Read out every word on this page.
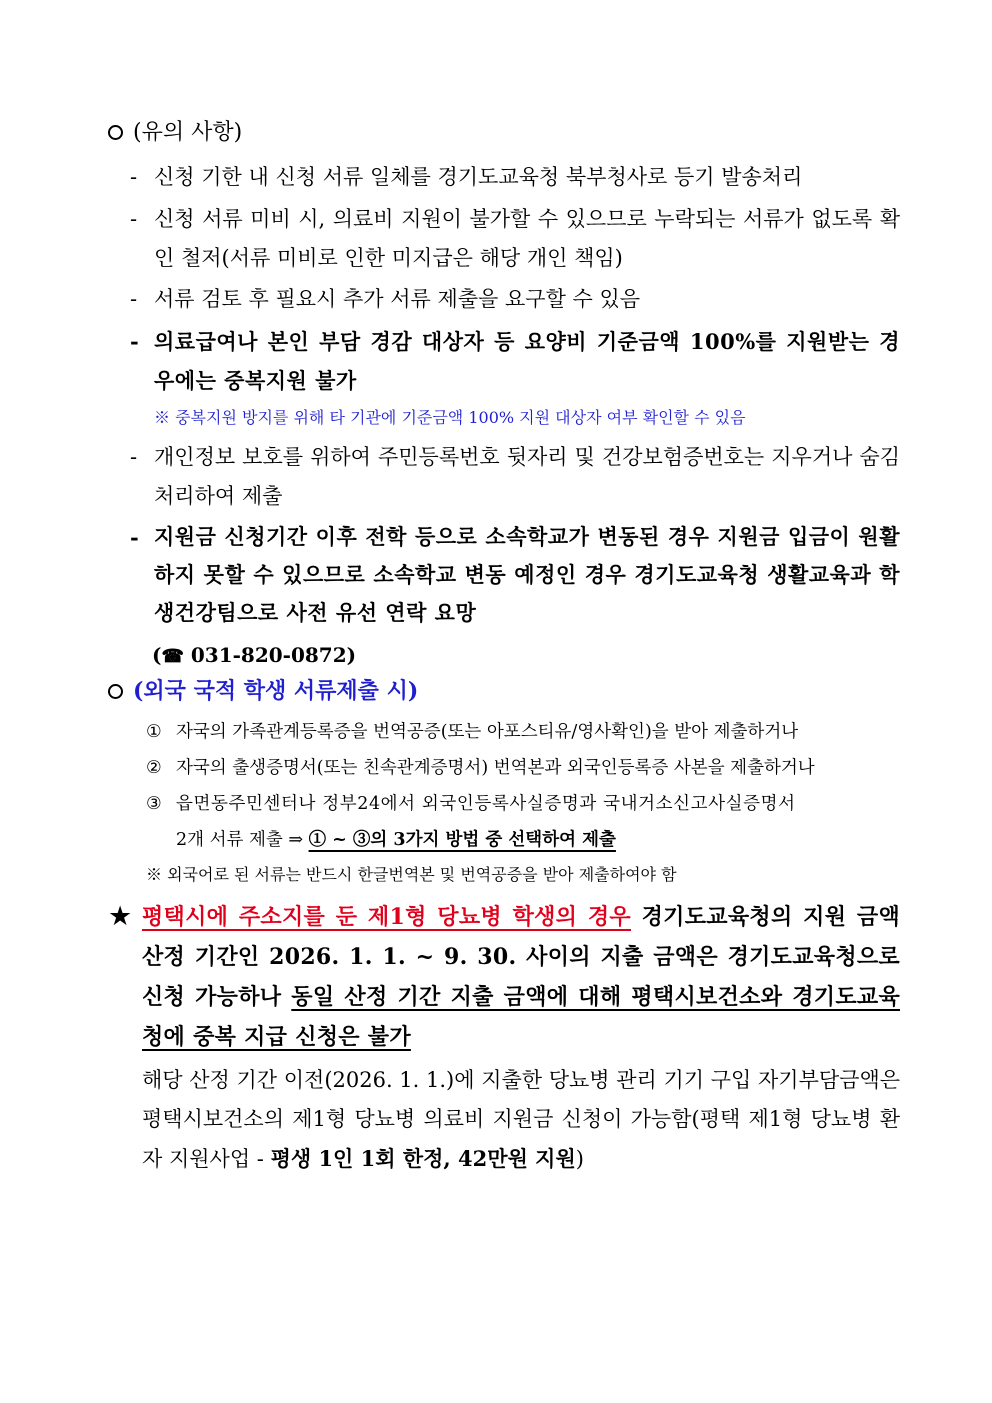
(유의 사항)
- 신청 기한 내 신청 서류 일체를 경기도교육청 북부청사로 등기 발송처리
- 신청 서류 미비 시, 의료비 지원이 불가할 수 있으므로 누락되는 서류가 없도록 확인 철저(서류 미비로 인한 미지급은 해당 개인 책임)
- 서류 검토 후 필요시 추가 서류 제출을 요구할 수 있음
- 의료급여나 본인 부담 경감 대상자 등 요양비 기준금액 100%를 지원받는 경우에는 중복지원 불가
※ 중복지원 방지를 위해 타 기관에 기준금액 100% 지원 대상자 여부 확인할 수 있음
- 개인정보 보호를 위하여 주민등록번호 뒷자리 및 건강보험증번호는 지우거나 숨김 처리하여 제출
- 지원금 신청기간 이후 전학 등으로 소속학교가 변동된 경우 지원금 입금이 원활하지 못할 수 있으므로 소속학교 변동 예정인 경우 경기도교육청 생활교육과 학생건강팀으로 사전 유선 연락 요망
(☎ 031-820-0872)
(외국 국적 학생 서류제출 시)
① 자국의 가족관계등록증을 번역공증(또는 아포스티유/영사확인)을 받아 제출하거나
② 자국의 출생증명서(또는 친속관계증명서) 번역본과 외국인등록증 사본을 제출하거나
③ 읍면동주민센터나 정부24에서 외국인등록사실증명과 국내거소신고사실증명서
2개 서류 제출 ⇒ ① ~ ③의 3가지 방법 중 선택하여 제출
※ 외국어로 된 서류는 반드시 한글번역본 및 번역공증을 받아 제출하여야 함
★ 평택시에 주소지를 둔 제1형 당뇨병 학생의 경우 경기도교육청의 지원 금액 산정 기간인 2026. 1. 1. ~ 9. 30. 사이의 지출 금액은 경기도교육청으로 신청 가능하나 동일 산정 기간 지출 금액에 대해 평택시보건소와 경기도교육청에 중복 지급 신청은 불가
해당 산정 기간 이전(2026. 1. 1.)에 지출한 당뇨병 관리 기기 구입 자기부담금액은 평택시보건소의 제1형 당뇨병 의료비 지원금 신청이 가능함(평택 제1형 당뇨병 환자 지원사업 - 평생 1인 1회 한정, 42만원 지원)
